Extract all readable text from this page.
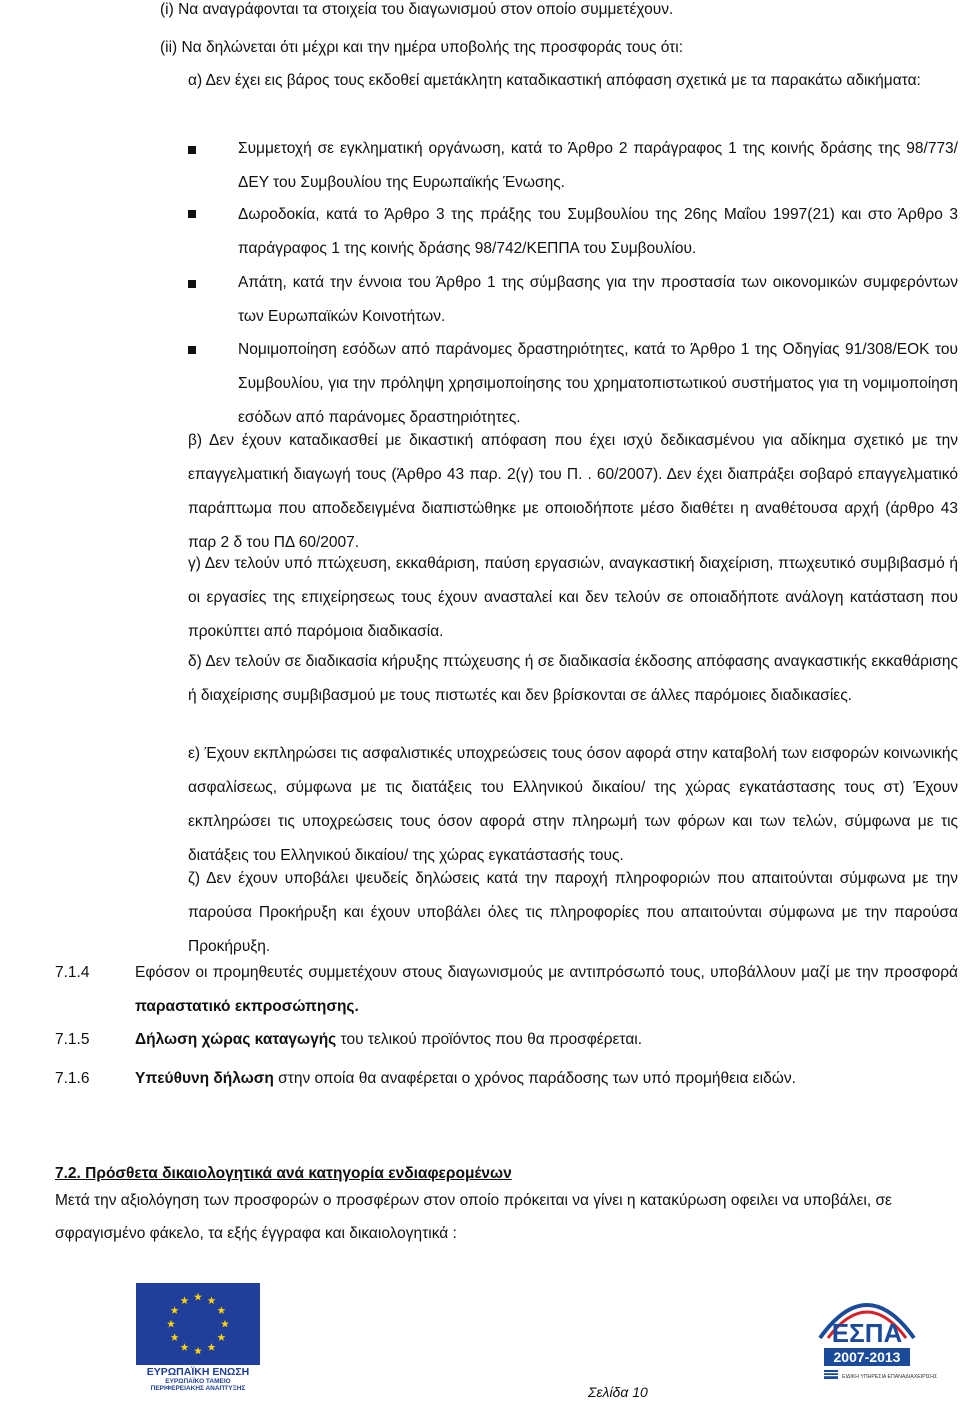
(i) Να αναγράφονται τα στοιχεία του διαγωνισμού στον οποίο συμμετέχουν.
(ii) Να δηλώνεται ότι μέχρι και την ημέρα υποβολής της προσφοράς τους ότι:
α) Δεν έχει εις βάρος τους εκδοθεί αμετάκλητη καταδικαστική απόφαση σχετικά με τα παρακάτω αδικήματα:
Συμμετοχή σε εγκληματική οργάνωση, κατά το Άρθρο 2 παράγραφος 1 της κοινής δράσης της 98/773/ΔΕΥ του Συμβουλίου της Ευρωπαϊκής Ένωσης.
Δωροδοκία, κατά το Άρθρο 3 της πράξης του Συμβουλίου της 26ης Μαΐου 1997(21) και στο Άρθρο 3 παράγραφος 1 της κοινής δράσης 98/742/ΚΕΠΠΑ του Συμβουλίου.
Απάτη, κατά την έννοια του Άρθρο 1 της σύμβασης για την προστασία των οικονομικών συμφερόντων των Ευρωπαϊκών Κοινοτήτων.
Νομιμοποίηση εσόδων από παράνομες δραστηριότητες, κατά το Άρθρο 1 της Οδηγίας 91/308/ΕΟΚ του Συμβουλίου, για την πρόληψη χρησιμοποίησης του χρηματοπιστωτικού συστήματος για τη νομιμοποίηση εσόδων από παράνομες δραστηριότητες.
β) Δεν έχουν καταδικασθεί με δικαστική απόφαση που έχει ισχύ δεδικασμένου για αδίκημα σχετικό με την επαγγελματική διαγωγή τους (Άρθρο 43 παρ. 2(γ) του Π. . 60/2007). Δεν έχει διαπράξει σοβαρό επαγγελματικό παράπτωμα που αποδεδειγμένα διαπιστώθηκε με οποιοδήποτε μέσο διαθέτει η αναθέτουσα αρχή (άρθρο 43 παρ 2 δ του ΠΔ 60/2007.
γ) Δεν τελούν υπό πτώχευση, εκκαθάριση, παύση εργασιών, αναγκαστική διαχείριση, πτωχευτικό συμβιβασμό ή οι εργασίες της επιχείρησεως τους έχουν ανασταλεί και δεν τελούν σε οποιαδήποτε ανάλογη κατάσταση που προκύπτει από παρόμοια διαδικασία.
δ) Δεν τελούν σε διαδικασία κήρυξης πτώχευσης ή σε διαδικασία έκδοσης απόφασης αναγκαστικής εκκαθάρισης ή διαχείρισης συμβιβασμού με τους πιστωτές και δεν βρίσκονται σε άλλες παρόμοιες διαδικασίες.
ε) Έχουν εκπληρώσει τις ασφαλιστικές υποχρεώσεις τους όσον αφορά στην καταβολή των εισφορών κοινωνικής ασφαλίσεως, σύμφωνα με τις διατάξεις του Ελληνικού δικαίου/ της χώρας εγκατάστασης τους στ) Έχουν εκπληρώσει τις υποχρεώσεις τους όσον αφορά στην πληρωμή των φόρων και των τελών, σύμφωνα με τις διατάξεις του Ελληνικού δικαίου/ της χώρας εγκατάστασής τους.
ζ) Δεν έχουν υποβάλει ψευδείς δηλώσεις κατά την παροχή πληροφοριών που απαιτούνται σύμφωνα με την παρούσα Προκήρυξη και έχουν υποβάλει όλες τις πληροφορίες που απαιτούνται σύμφωνα με την παρούσα Προκήρυξη.
7.1.4	Εφόσον οι προμηθευτές συμμετέχουν στους διαγωνισμούς με αντιπρόσωπό τους, υποβάλλουν μαζί με την προσφορά παραστατικό εκπροσώπησης.
7.1.5	Δήλωση χώρας καταγωγής του τελικού προϊόντος που θα προσφέρεται.
7.1.6	Υπεύθυνη δήλωση στην οποία θα αναφέρεται ο χρόνος παράδοσης των υπό προμήθεια ειδών.
7.2. Πρόσθετα δικαιολογητικά ανά κατηγορία ενδιαφερομένων
Μετά την αξιολόγηση των προσφορών ο προσφέρων στον οποίο πρόκειται να γίνει η κατακύρωση οφειλει να υποβάλει, σε σφραγισμένο φάκελο, τα εξής έγγραφα και δικαιολογητικά :
ΕΥΡΩΠΑΪΚΗ ΕΝΩΣΗ
ΕΥΡΩΠΑΪΚΟ ΤΑΜΕΙΟ
ΠΕΡΙΦΕΡΕΙΑΚΗΣ ΑΝΑΠΤΥΞΗΣ
ΕΣΠΑ
2007-2013
ΕΙΔΙΚΗ ΥΠΗΡΕΣΙΑ ΕΠΑΝΑΔΙΑΧΕΙΡΙΣΗΣ
Σελίδα 10
